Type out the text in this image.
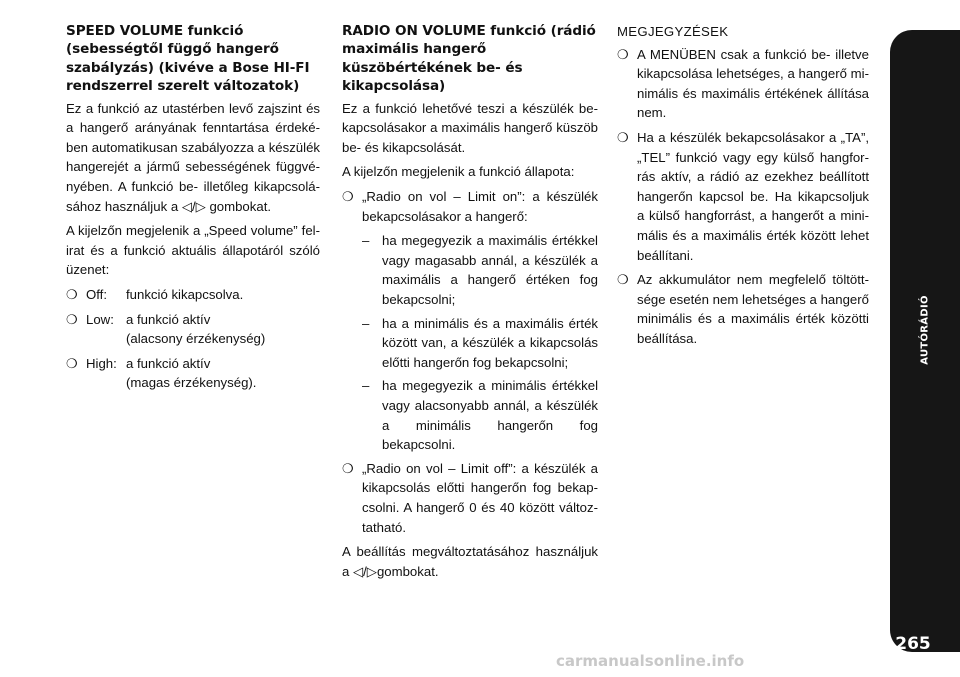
SPEED VOLUME funkció (sebességtől függő hangerő szabályzás) (kivéve a Bose HI-FI rendszerrel szerelt változatok)

Ez a funkció az utastérben levő zajszint és a hangerő arányának fenntartása érdekében automatikusan szabályozza a készülék hangerejét a jármű sebességének függvényében. A funkció be- illetőleg kikapcsolásához használjuk a ◁/▷ gombokat.

A kijelzőn megjelenik a „Speed volume” felirat és a funkció aktuális állapotáról szóló üzenet:

❍ Off:	funkció kikapcsolva.
❍ Low: a funkció aktív
(alacsony érzékenység)
❍ High: a funkció aktív
(magas érzékenység).
RADIO ON VOLUME funkció (rádió maximális hangerő küszöbértékének be- és kikapcsolása)

Ez a funkció lehetővé teszi a készülék bekapcsolásakor a maximális hangerő küszöb be- és kikapcsolását.

A kijelzőn megjelenik a funkció állapota:

❍ „Radio on vol – Limit on”: a készülék bekapcsolásakor a hangerő:
– ha megegyezik a maximális értékkel vagy magasabb annál, a készülék a maximális a hangerő értéken fog bekapcsolni;
– ha a minimális és a maximális érték között van, a készülék a kikapcsolás előtti hangerőn fog bekapcsolni;
– ha megegyezik a minimális értékkel vagy alacsonyabb annál, a készülék a minimális hangerőn fog bekapcsolni.
❍ „Radio on vol – Limit off”: a készülék a kikapcsolás előtti hangerőn fog bekapcsolni. A hangerő 0 és 40 között változtatható.

A beállítás megváltoztatásához használjuk a ◁/▷gombokat.

MEGJEGYZÉSEK
❍ A MENÜBEN csak a funkció be- illetve kikapcsolása lehetséges, a hangerő minimális és maximális értékének állítása nem.
❍ Ha a készülék bekapcsolásakor a „TA”, „TEL” funkció vagy egy külső hangforrás aktív, a rádió az ezekhez beállított hangerőn kapcsol be. Ha kikapcsoljuk a külső hangforrást, a hangerőt a minimális és a maximális érték között lehet beállítani.
❍ Az akkumulátor nem megfelelő töltöttsége esetén nem lehetséges a hangerő minimális és a maximális érték közötti beállítása.	AUTÓRÁDIÓ
265
carmanualsonline.info
